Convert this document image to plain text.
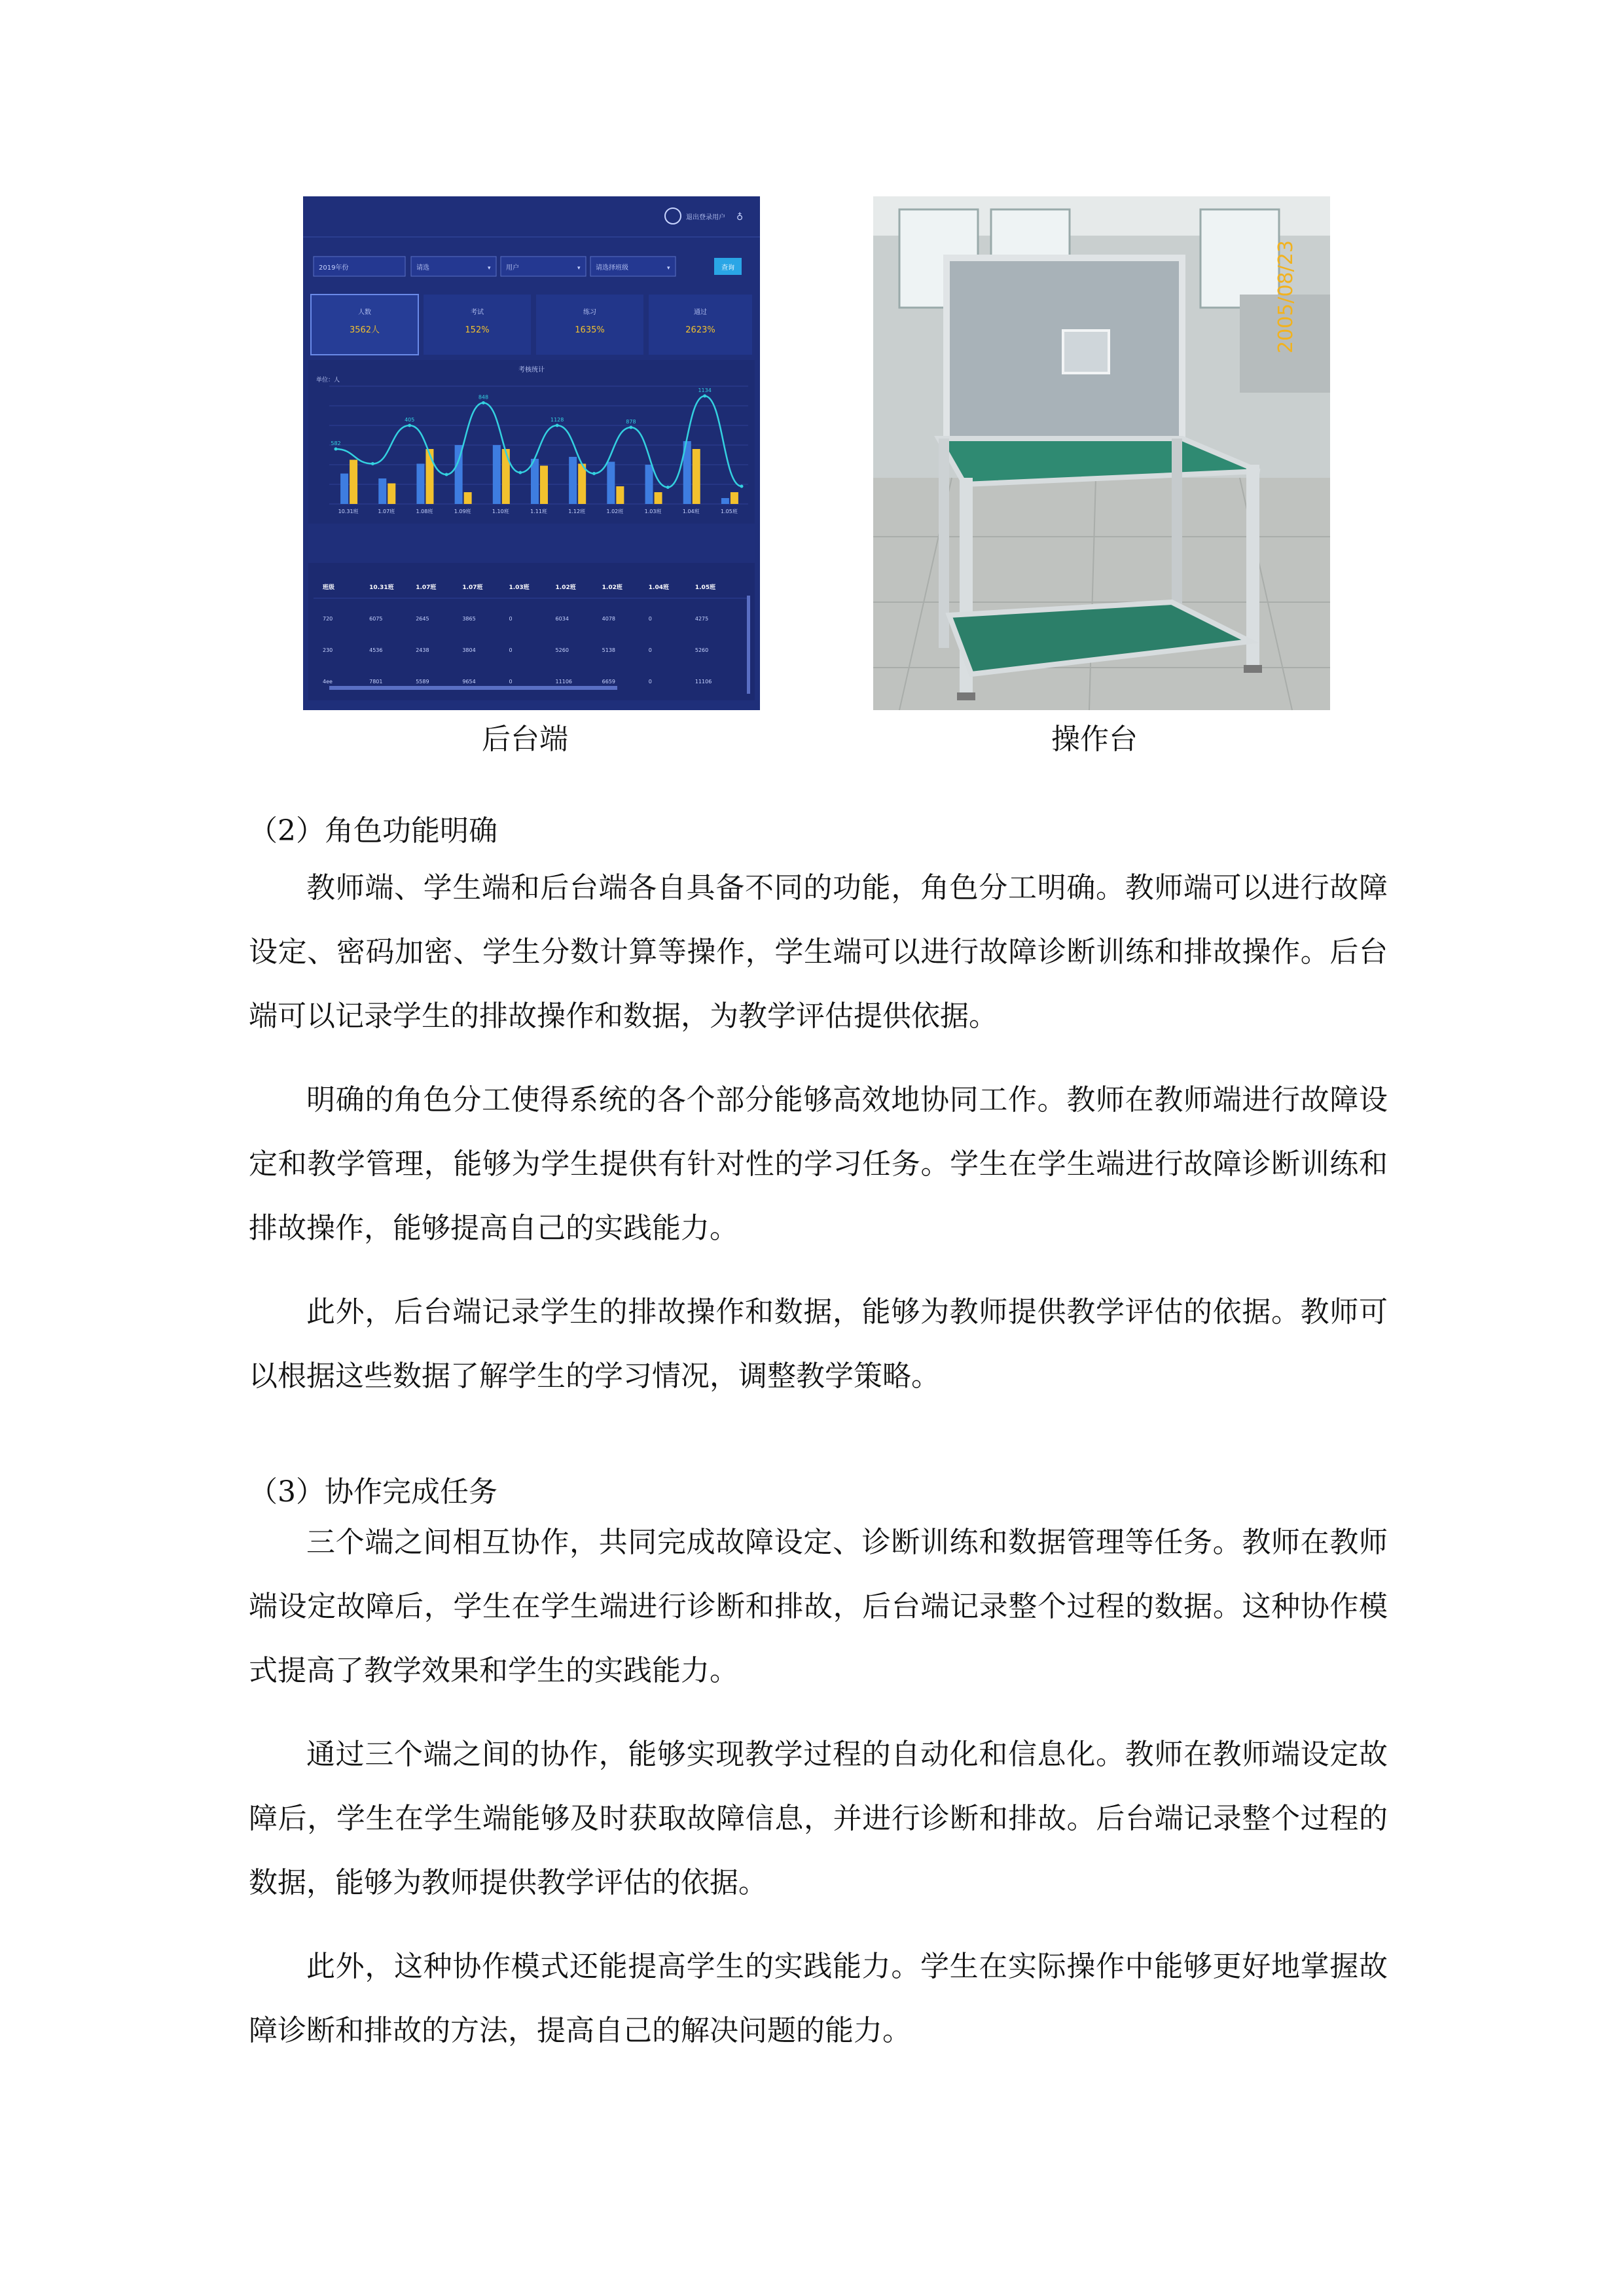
退出登录用户 ♁
2019年份	请选	▾ 用户	▾ 请选择班级	▾	查询
人数
3562人
考试
152%
练习
1635%
通过
2623%
考核统计
单位：人
582
405
848
1128	878
1134
10.31班	1.07班	1.08班	1.09班	1.10班	1.11班	1.12班	1.02班	1.03班	1.04班	1.05班
班级	10.31班	1.07班	1.07班	1.03班	1.02班	1.02班	1.04班	1.05班
720	6075	2645	3865	0	6034	4078	0	4275
230	4536	2438	3804	0	5260	5138	0	5260
4ee	7801	5589	9654	0	11106	6659	0	11106
2005/08/23
后台端	操作台
（2）角色功能明确

教师端、学生端和后台端各自具备不同的功能，角色分工明确。教师端可以进行故障设定、密码加密、学生分数计算等操作，学生端可以进行故障诊断训练和排故操作。后台端可以记录学生的排故操作和数据，为教学评估提供依据。

明确的角色分工使得系统的各个部分能够高效地协同工作。教师在教师端进行故障设定和教学管理，能够为学生提供有针对性的学习任务。学生在学生端进行故障诊断训练和排故操作，能够提高自己的实践能力。

此外，后台端记录学生的排故操作和数据，能够为教师提供教学评估的依据。教师可以根据这些数据了解学生的学习情况，调整教学策略。

（3）协作完成任务

三个端之间相互协作，共同完成故障设定、诊断训练和数据管理等任务。教师在教师端设定故障后，学生在学生端进行诊断和排故，后台端记录整个过程的数据。这种协作模式提高了教学效果和学生的实践能力。

通过三个端之间的协作，能够实现教学过程的自动化和信息化。教师在教师端设定故障后，学生在学生端能够及时获取故障信息，并进行诊断和排故。后台端记录整个过程的数据，能够为教师提供教学评估的依据。

此外，这种协作模式还能提高学生的实践能力。学生在实际操作中能够更好地掌握故障诊断和排故的方法，提高自己的解决问题的能力。
